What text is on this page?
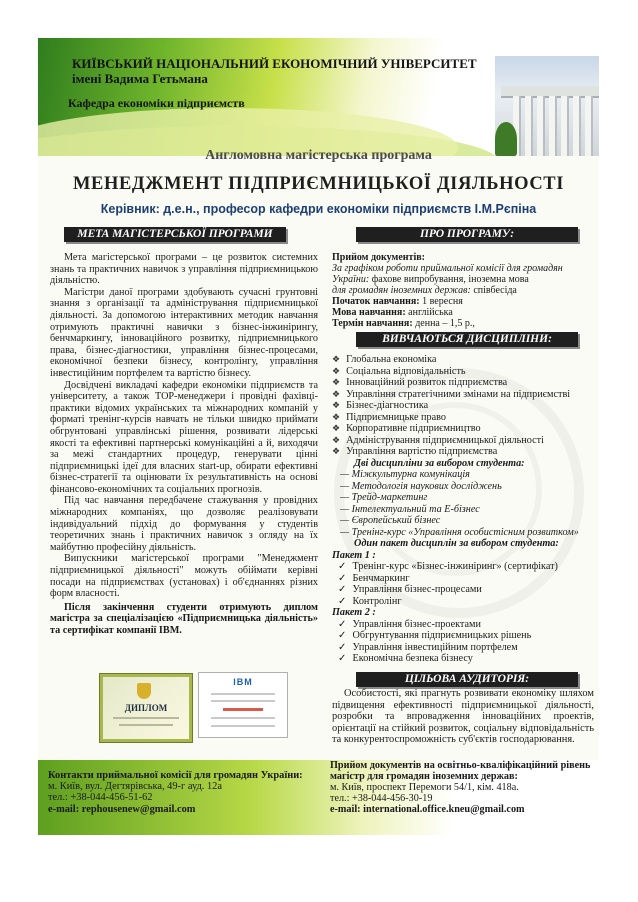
КИЇВСЬКИЙ НАЦІОНАЛЬНИЙ ЕКОНОМІЧНИЙ УНІВЕРСИТЕТ
імені Вадима Гетьмана
Кафедра економіки підприємств
Англомовна магістерська програма
МЕНЕДЖМЕНТ ПІДПРИЄМНИЦЬКОЇ ДІЯЛЬНОСТІ
Керівник: д.е.н., професор кафедри економіки підприємств І.М.Рєпіна
МЕТА МАГІСТЕРСЬКОЇ ПРОГРАМИ	ПРО ПРОГРАМУ:

Мета магістерської програми – це розвиток системних знань та практичних навичок з управління підприємницькою діяльністю.

Магістри даної програми здобувають сучасні грунтовні знання з організації та адміністрування підприємницької діяльності. За допомогою інтерактивних методик навчання отримують практичні навички з бізнес-інжинірингу, бенчмаркингу, інноваційного розвитку, підприємницького права, бізнес-діагностики, управління бізнес-процесами, економічної безпеки бізнесу, контролінгу, управління інвестиційним портфелем та вартістю бізнесу.

Досвідчені викладачі кафедри економіки підприємств та університету, а також ТОР-менеджери і провідні фахівці-практики відомих українських та міжнародних компаній у форматі тренінг-курсів навчать не тільки швидко приймати обгрунтовані управлінські рішення, розвивати лідерські якості та ефективні партнерські комунікаційні а й, виходячи за межі стандартних процедур, генерувати цінні підприємницькі ідеї для власних start-up, обирати ефективні бізнес-стратегії та оцінювати їх результативність на основі фінансово-економічних та соціальних прогнозів.

Під час навчання передбачене стажування у провідних міжнародних компаніях, що дозволяє реалізовувати індивідуальний підхід до формування у студентів теоретичних знань і практичних навичок з огляду на їх майбутню професійну діяльність.

Випускники магістерської програми "Менеджмент підприємницької діяльності" можуть обіймати керівні посади на підприємствах (установах) і об'єднаннях різних форм власності.

Після закінчення студенти отримують диплом магістра за спеціалізацією «Підприємницька діяльність» та сертифікат компанії IBM.

Прийом документів:
За графіком роботи приймальної комісії для громадян України: фахове випробування, іноземна мова
для громадян іноземних держав: співбесіда
Початок навчання: 1 вересня
Мова навчання: англійська
Термін навчання: денна – 1,5 р.,
ВИВЧАЮТЬСЯ ДИСЦИПЛІНИ:
❖ Глобальна економіка
❖ Соціальна відповідальність
❖ Інноваційний розвиток підприємства
❖ Управління стратегічними змінами на підприємстві
❖ Бізнес-діагностика
❖ Підприємницьке право
❖ Корпоративне підприємництво
❖ Адміністрування підприємницької діяльності
❖ Управління вартістю підприємства
Дві дисципліни за вибором студента:
— Міжкультурна комунікація
— Методологія наукових досліджень
— Трейд-маркетинг
— Інтелектуальний та Е-бізнес
— Європейський бізнес
— Тренінг-курс «Управління особистісним розвитком»
Один пакет дисциплін за вибором студента:
Пакет 1 :
✓ Тренінг-курс «Бізнес-інжиніринг» (сертифікат)
✓ Бенчмаркинг
✓ Управління бізнес-процесами
✓ Контролінг
Пакет 2 :
✓ Управління бізнес-проектами
✓ Обгрунтування підприємницьких рішень
✓ Управління інвестиційним портфелем
✓ Економічна безпека бізнесу
ДИПЛОМ
IBM	ЦІЛЬОВА АУДИТОРІЯ:
Особистості, які прагнуть розвивати економіку шляхом підвищення ефективності підприємницької діяльності, розробки та впровадження інноваційних проектів, орієнтації на стійкий розвиток, соціальну відповідальність та конкурентоспроможність суб'єктів господарювання.
Контакти приймальної комісії для громадян України:
м. Київ, вул. Дегтярівська, 49-г ауд. 12а
тел.: +38-044-456-51-62
e-mail: rephousenew@gmail.com
Прийом документів на освітньо-кваліфікаційний рівень магістр для громадян іноземних держав:
м. Київ, проспект Перемоги 54/1, кім. 418а.
тел.: +38-044-456-30-19
e-mail: international.office.kneu@gmail.com
